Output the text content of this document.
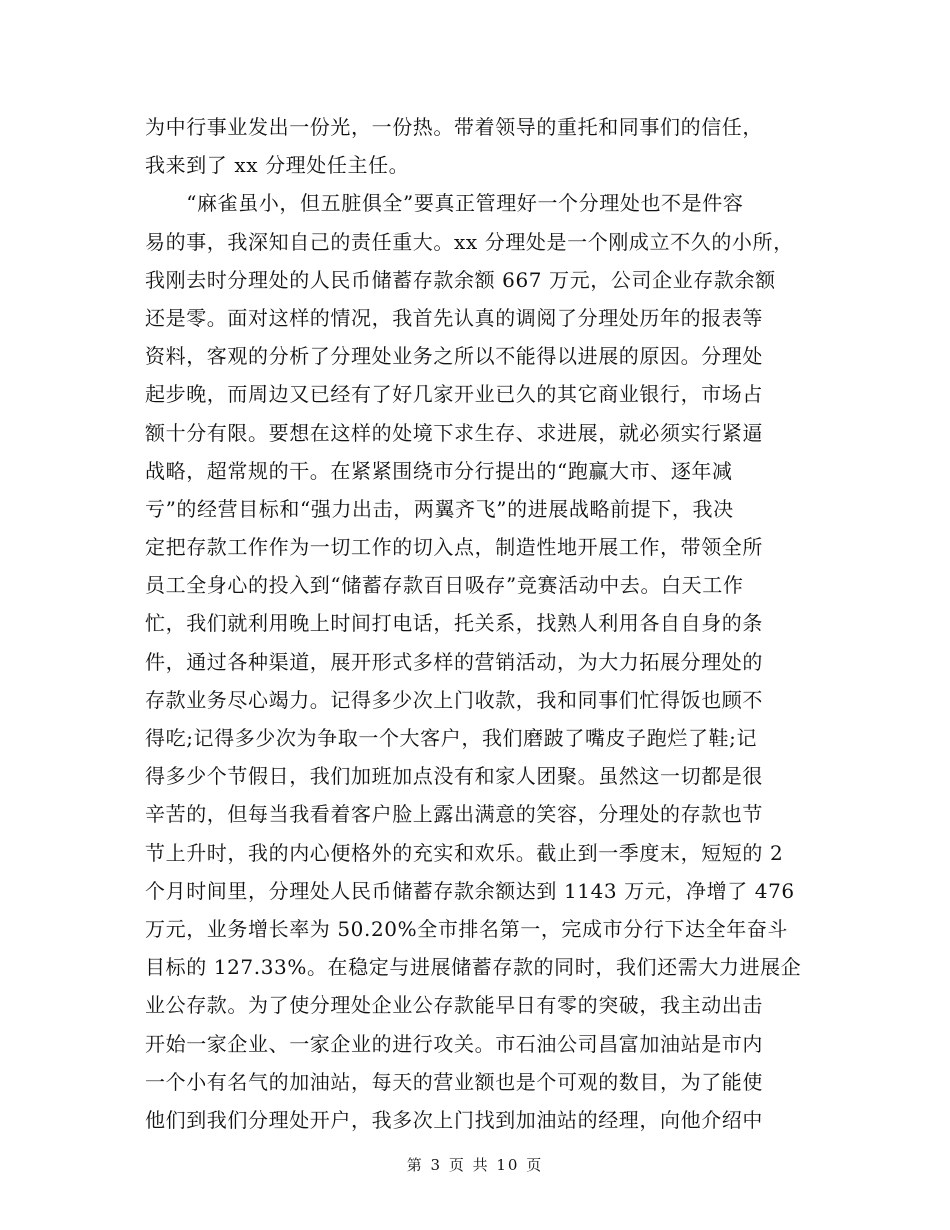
为中行事业发出一份光，一份热。带着领导的重托和同事们的信任，
我来到了 xx 分理处任主任。
　　“麻雀虽小，但五脏俱全”要真正管理好一个分理处也不是件容
易的事，我深知自己的责任重大。xx 分理处是一个刚成立不久的小所，
我刚去时分理处的人民币储蓄存款余额 667 万元，公司企业存款余额
还是零。面对这样的情况，我首先认真的调阅了分理处历年的报表等
资料，客观的分析了分理处业务之所以不能得以进展的原因。分理处
起步晚，而周边又已经有了好几家开业已久的其它商业银行，市场占
额十分有限。要想在这样的处境下求生存、求进展，就必须实行紧逼
战略，超常规的干。在紧紧围绕市分行提出的“跑赢大市、逐年减
亏”的经营目标和“强力出击，两翼齐飞”的进展战略前提下，我决
定把存款工作作为一切工作的切入点，制造性地开展工作，带领全所
员工全身心的投入到“储蓄存款百日吸存”竞赛活动中去。白天工作
忙，我们就利用晚上时间打电话，托关系，找熟人利用各自自身的条
件，通过各种渠道，展开形式多样的营销活动，为大力拓展分理处的
存款业务尽心竭力。记得多少次上门收款，我和同事们忙得饭也顾不
得吃;记得多少次为争取一个大客户，我们磨跛了嘴皮子跑烂了鞋;记
得多少个节假日，我们加班加点没有和家人团聚。虽然这一切都是很
辛苦的，但每当我看着客户脸上露出满意的笑容，分理处的存款也节
节上升时，我的内心便格外的充实和欢乐。截止到一季度末，短短的 2
个月时间里，分理处人民币储蓄存款余额达到 1143 万元，净增了 476
万元，业务增长率为 50.20%全市排名第一，完成市分行下达全年奋斗
目标的 127.33%。在稳定与进展储蓄存款的同时，我们还需大力进展企
业公存款。为了使分理处企业公存款能早日有零的突破，我主动出击
开始一家企业、一家企业的进行攻关。市石油公司昌富加油站是市内
一个小有名气的加油站，每天的营业额也是个可观的数目，为了能使
他们到我们分理处开户，我多次上门找到加油站的经理，向他介绍中
第 3 页 共 10 页
